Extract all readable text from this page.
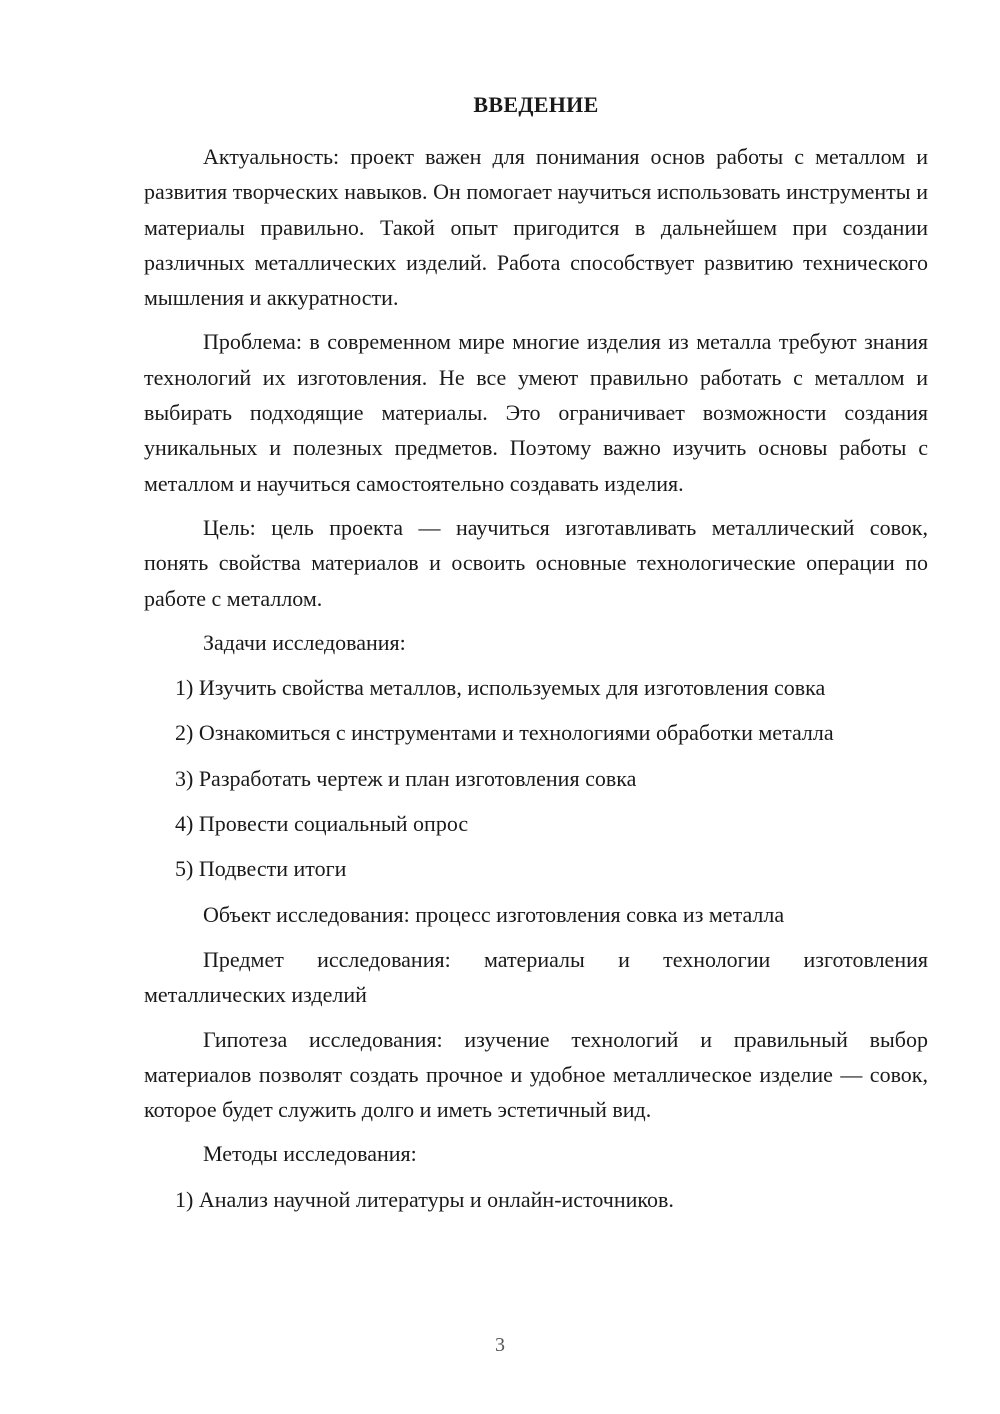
ВВЕДЕНИЕ

Актуальность: проект важен для понимания основ работы с металлом и развития творческих навыков. Он помогает научиться использовать инструменты и материалы правильно. Такой опыт пригодится в дальнейшем при создании различных металлических изделий. Работа способствует развитию технического мышления и аккуратности.

Проблема: в современном мире многие изделия из металла требуют знания технологий их изготовления. Не все умеют правильно работать с металлом и выбирать подходящие материалы. Это ограничивает возможности создания уникальных и полезных предметов. Поэтому важно изучить основы работы с металлом и научиться самостоятельно создавать изделия.

Цель: цель проекта — научиться изготавливать металлический совок, понять свойства материалов и освоить основные технологические операции по работе с металлом.

Задачи исследования:

1) Изучить свойства металлов, используемых для изготовления совка
2) Ознакомиться с инструментами и технологиями обработки металла
3) Разработать чертеж и план изготовления совка
4) Провести социальный опрос
5) Подвести итоги

Объект исследования: процесс изготовления совка из металла

Предмет исследования: материалы и технологии изготовления металлических изделий

Гипотеза исследования: изучение технологий и правильный выбор материалов позволят создать прочное и удобное металлическое изделие — совок, которое будет служить долго и иметь эстетичный вид.

Методы исследования:

1) Анализ научной литературы и онлайн-источников.
3
